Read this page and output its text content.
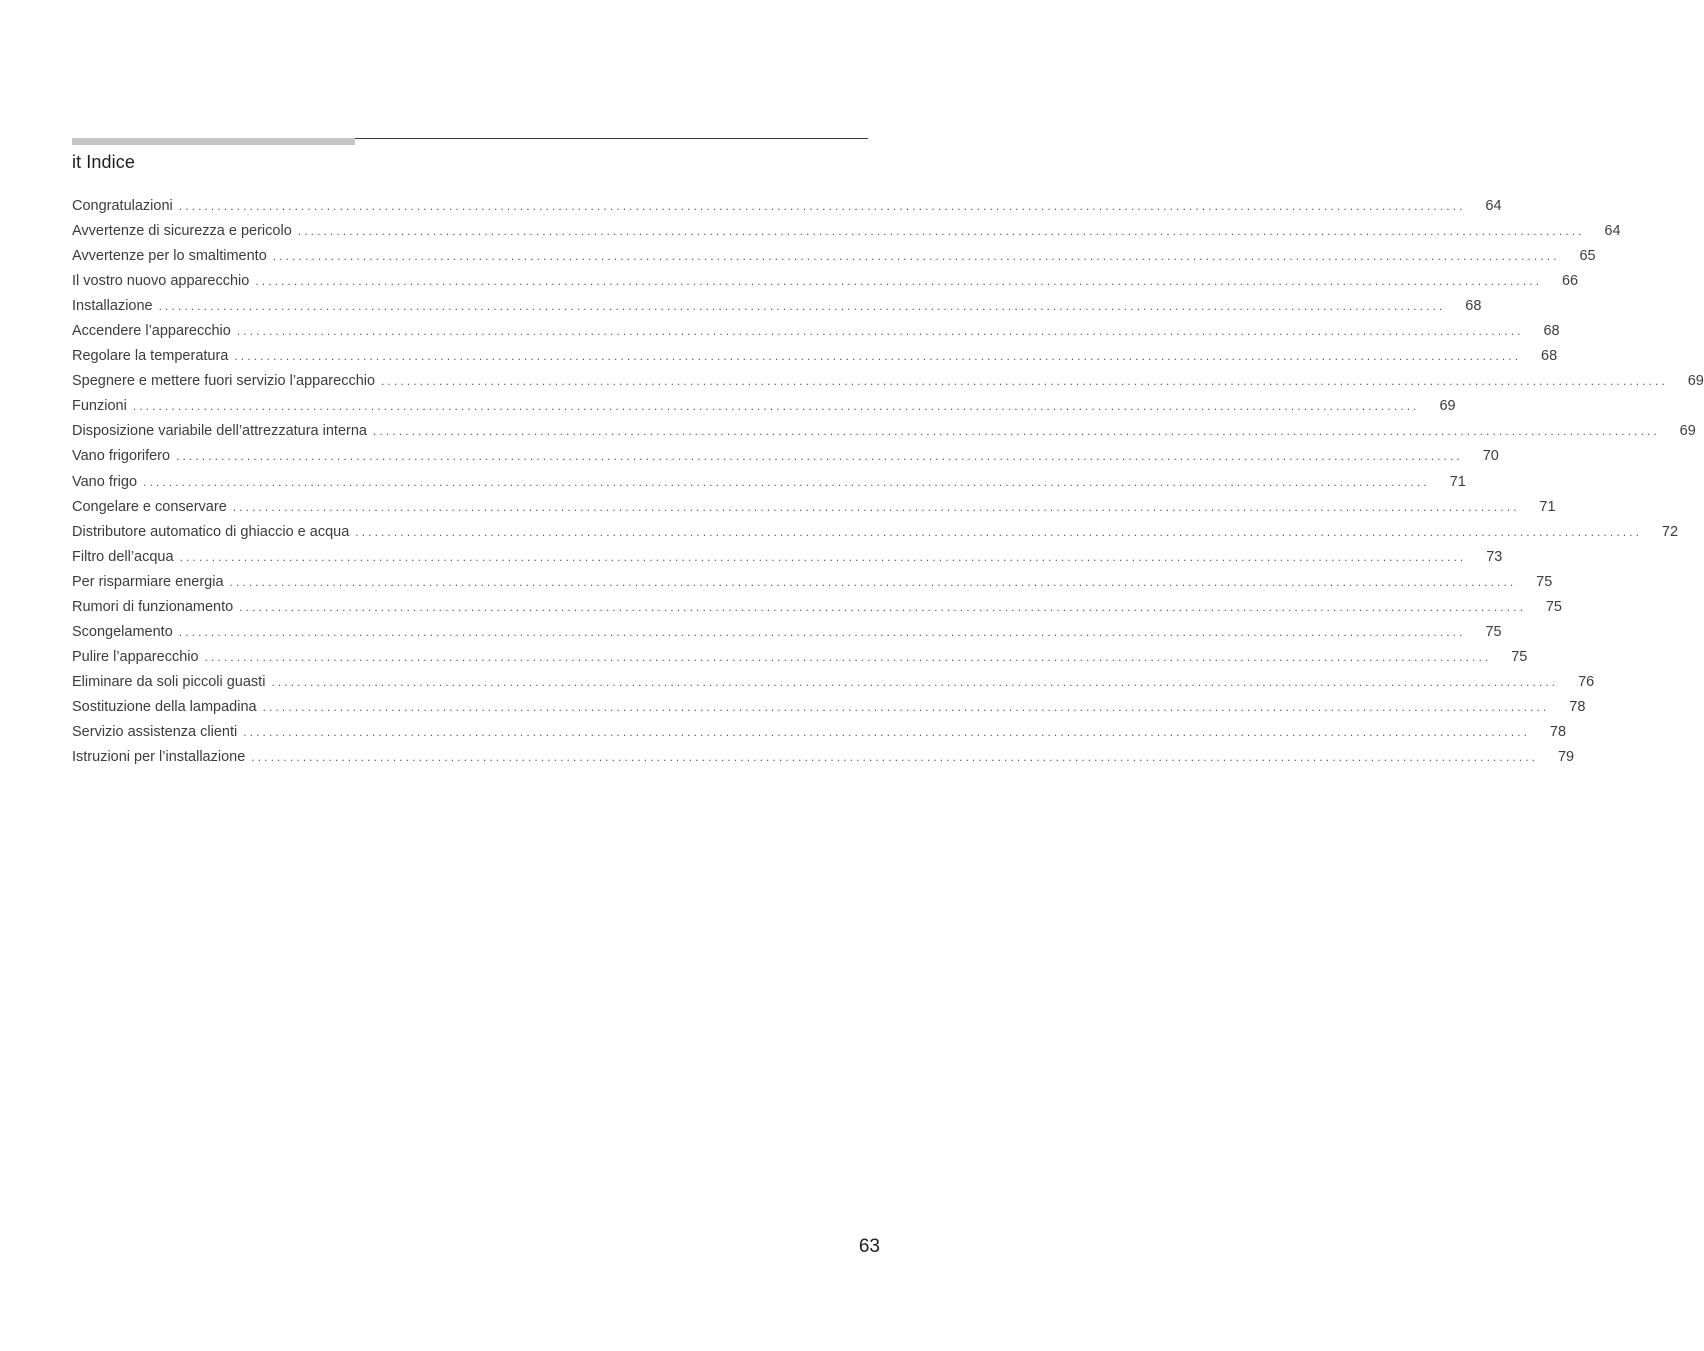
it Indice
Congratulazioni ........................................................................................................................................................................................................ 64
Avvertenze di sicurezza e pericolo ........................................................................................................................................................................................................ 64
Avvertenze per lo smaltimento ........................................................................................................................................................................................................ 65
Il vostro nuovo apparecchio ........................................................................................................................................................................................................ 66
Installazione ........................................................................................................................................................................................................ 68
Accendere l’apparecchio ........................................................................................................................................................................................................ 68
Regolare la temperatura ........................................................................................................................................................................................................ 68
Spegnere e mettere fuori servizio l’apparecchio ........................................................................................................................................................................................................ 69
Funzioni ........................................................................................................................................................................................................ 69
Disposizione variabile dell’attrezzatura interna ........................................................................................................................................................................................................ 69
Vano frigorifero ........................................................................................................................................................................................................ 70
Vano frigo ........................................................................................................................................................................................................ 71
Congelare e conservare ........................................................................................................................................................................................................ 71
Distributore automatico di ghiaccio e acqua ........................................................................................................................................................................................................ 72
Filtro dell’acqua ........................................................................................................................................................................................................ 73
Per risparmiare energia ........................................................................................................................................................................................................ 75
Rumori di funzionamento ........................................................................................................................................................................................................ 75
Scongelamento ........................................................................................................................................................................................................ 75
Pulire l’apparecchio ........................................................................................................................................................................................................ 75
Eliminare da soli piccoli guasti ........................................................................................................................................................................................................ 76
Sostituzione della lampadina ........................................................................................................................................................................................................ 78
Servizio assistenza clienti ........................................................................................................................................................................................................ 78
Istruzioni per l’installazione ........................................................................................................................................................................................................ 79
63
